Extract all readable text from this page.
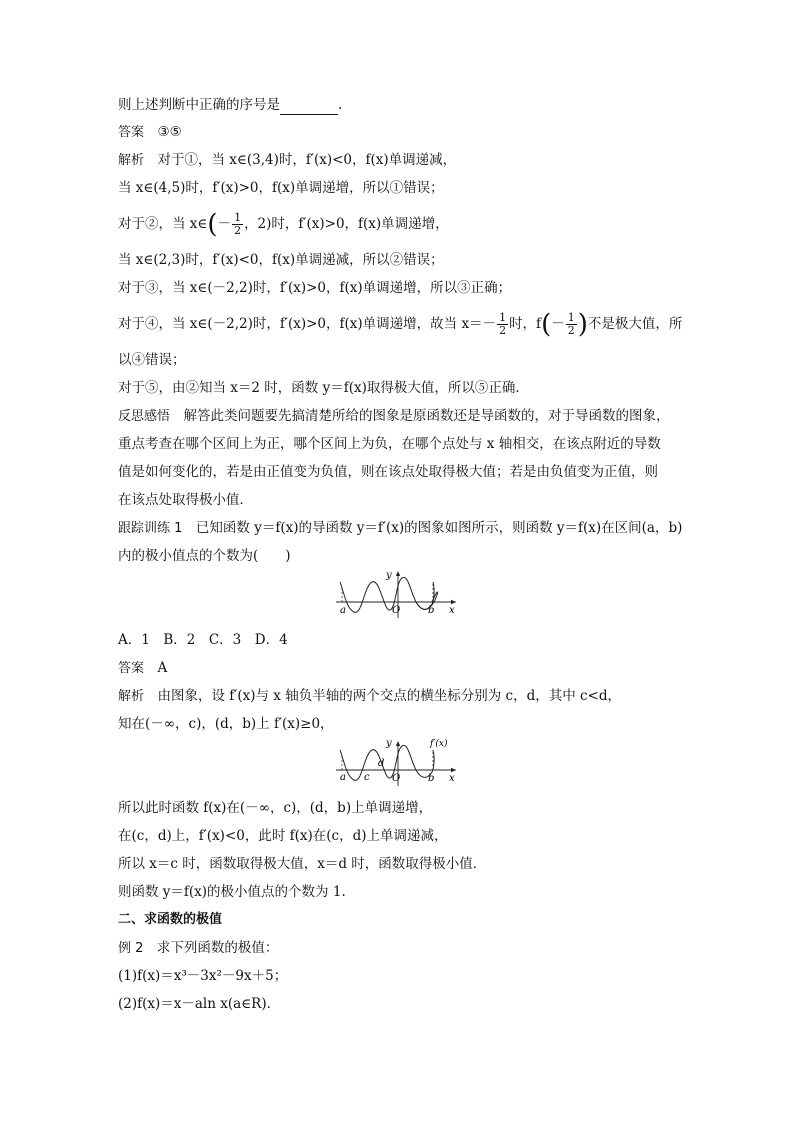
则上述判断中正确的序号是	.
答案  ③⑤
解析  对于①，当 x∈(3,4)时，f′(x)<0，f(x)单调递减，
当 x∈(4,5)时，f′(x)>0，f(x)单调递增，所以①错误；
对于②，当 x∈(－ $\frac{1}{2}$ ，2)时，f′(x)>0，f(x)单调递增，
当 x∈(2,3)时，f′(x)<0，f(x)单调递减，所以②错误；
对于③，当 x∈(－2,2)时，f′(x)>0，f(x)单调递增，所以③正确；
对于④，当 x∈(－2,2)时，f′(x)>0，f(x)单调递增，故当 $x=- \frac{1}{2}$ 时，$f(- \frac{1}{2}$ )不是极大值，所
以④错误；
对于⑤，由②知当 x＝2 时，函数 y＝f(x)取得极大值，所以⑤正确．
反思感悟  解答此类问题要先搞清楚所给的图象是原函数还是导函数的，对于导函数的图象，
重点考查在哪个区间上为正，哪个区间上为负，在哪个点处与 x 轴相交，在该点附近的导数
值是如何变化的，若是由正值变为负值，则在该点处取得极大值；若是由负值变为正值，则
在该点处取得极小值．
跟踪训练 1  已知函数 y＝f(x)的导函数 y＝f′(x)的图象如图所示，则函数 y＝f(x)在区间(a，b)
内的极小值点的个数为(　　)
a
y
O	b x
A．1　B．2　C．3　D．4
答案  A
解析  由图象，设 f′(x)与 x 轴负半轴的两个交点的横坐标分别为 c，d，其中 c<d，
知在(－∞，c)，(d，b)上 f′(x)≥0，
a c
d
y
O	b x
f′(x)
所以此时函数 f(x)在(－∞，c)，(d，b)上单调递增，
在(c，d)上，f′(x)<0，此时 f(x)在(c，d)上单调递减，
所以 x＝c 时，函数取得极大值，x＝d 时，函数取得极小值．
则函数 y＝f(x)的极小值点的个数为 1.
二、求函数的极值
例 2  求下列函数的极值：
(1)f(x)＝x³－3x²－9x＋5；
(2)f(x)＝x－aln x(a∈R)．
